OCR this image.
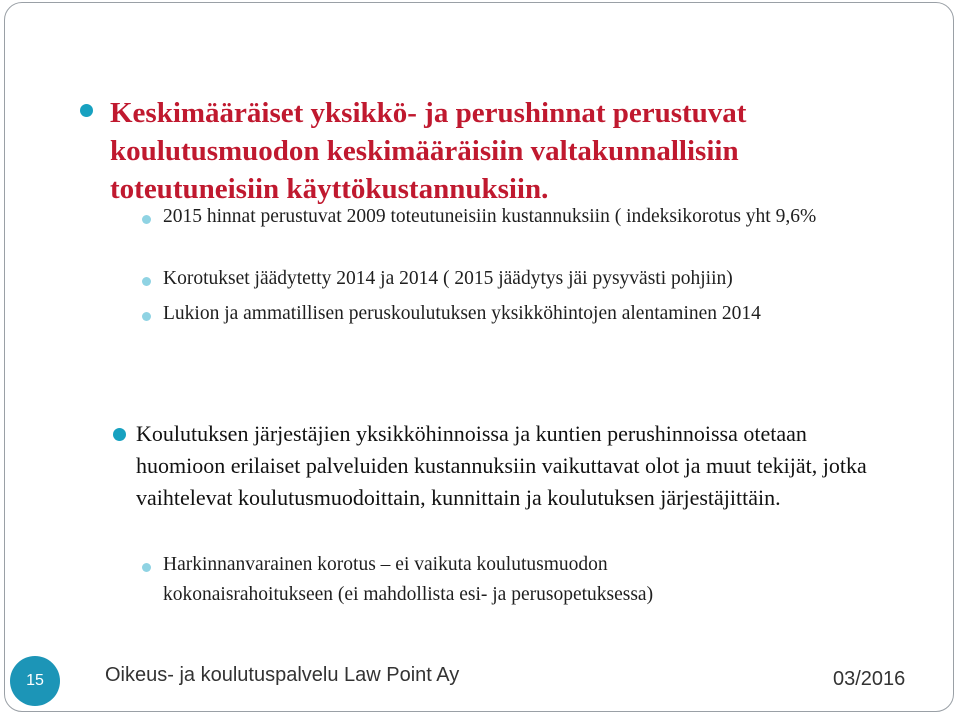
Keskimääräiset yksikkö- ja perushinnat perustuvat koulutusmuodon keskimääräisiin valtakunnallisiin toteutuneisiin käyttökustannuksiin.
2015 hinnat perustuvat 2009 toteutuneisiin kustannuksiin ( indeksikorotus yht 9,6%
Korotukset jäädytetty 2014 ja 2014 ( 2015 jäädytys jäi pysyvästi pohjiin)
Lukion ja ammatillisen peruskoulutuksen yksikköhintojen alentaminen 2014
Koulutuksen järjestäjien yksikköhinnoissa ja kuntien perushinnoissa otetaan huomioon erilaiset palveluiden kustannuksiin vaikuttavat olot ja muut tekijät, jotka vaihtelevat koulutusmuodoittain, kunnittain ja koulutuksen järjestäjittäin.
Harkinnanvarainen korotus – ei vaikuta koulutusmuodon kokonaisrahoitukseen (ei mahdollista esi- ja perusopetuksessa)
15	Oikeus- ja koulutuspalvelu Law Point Ay	03/2016
